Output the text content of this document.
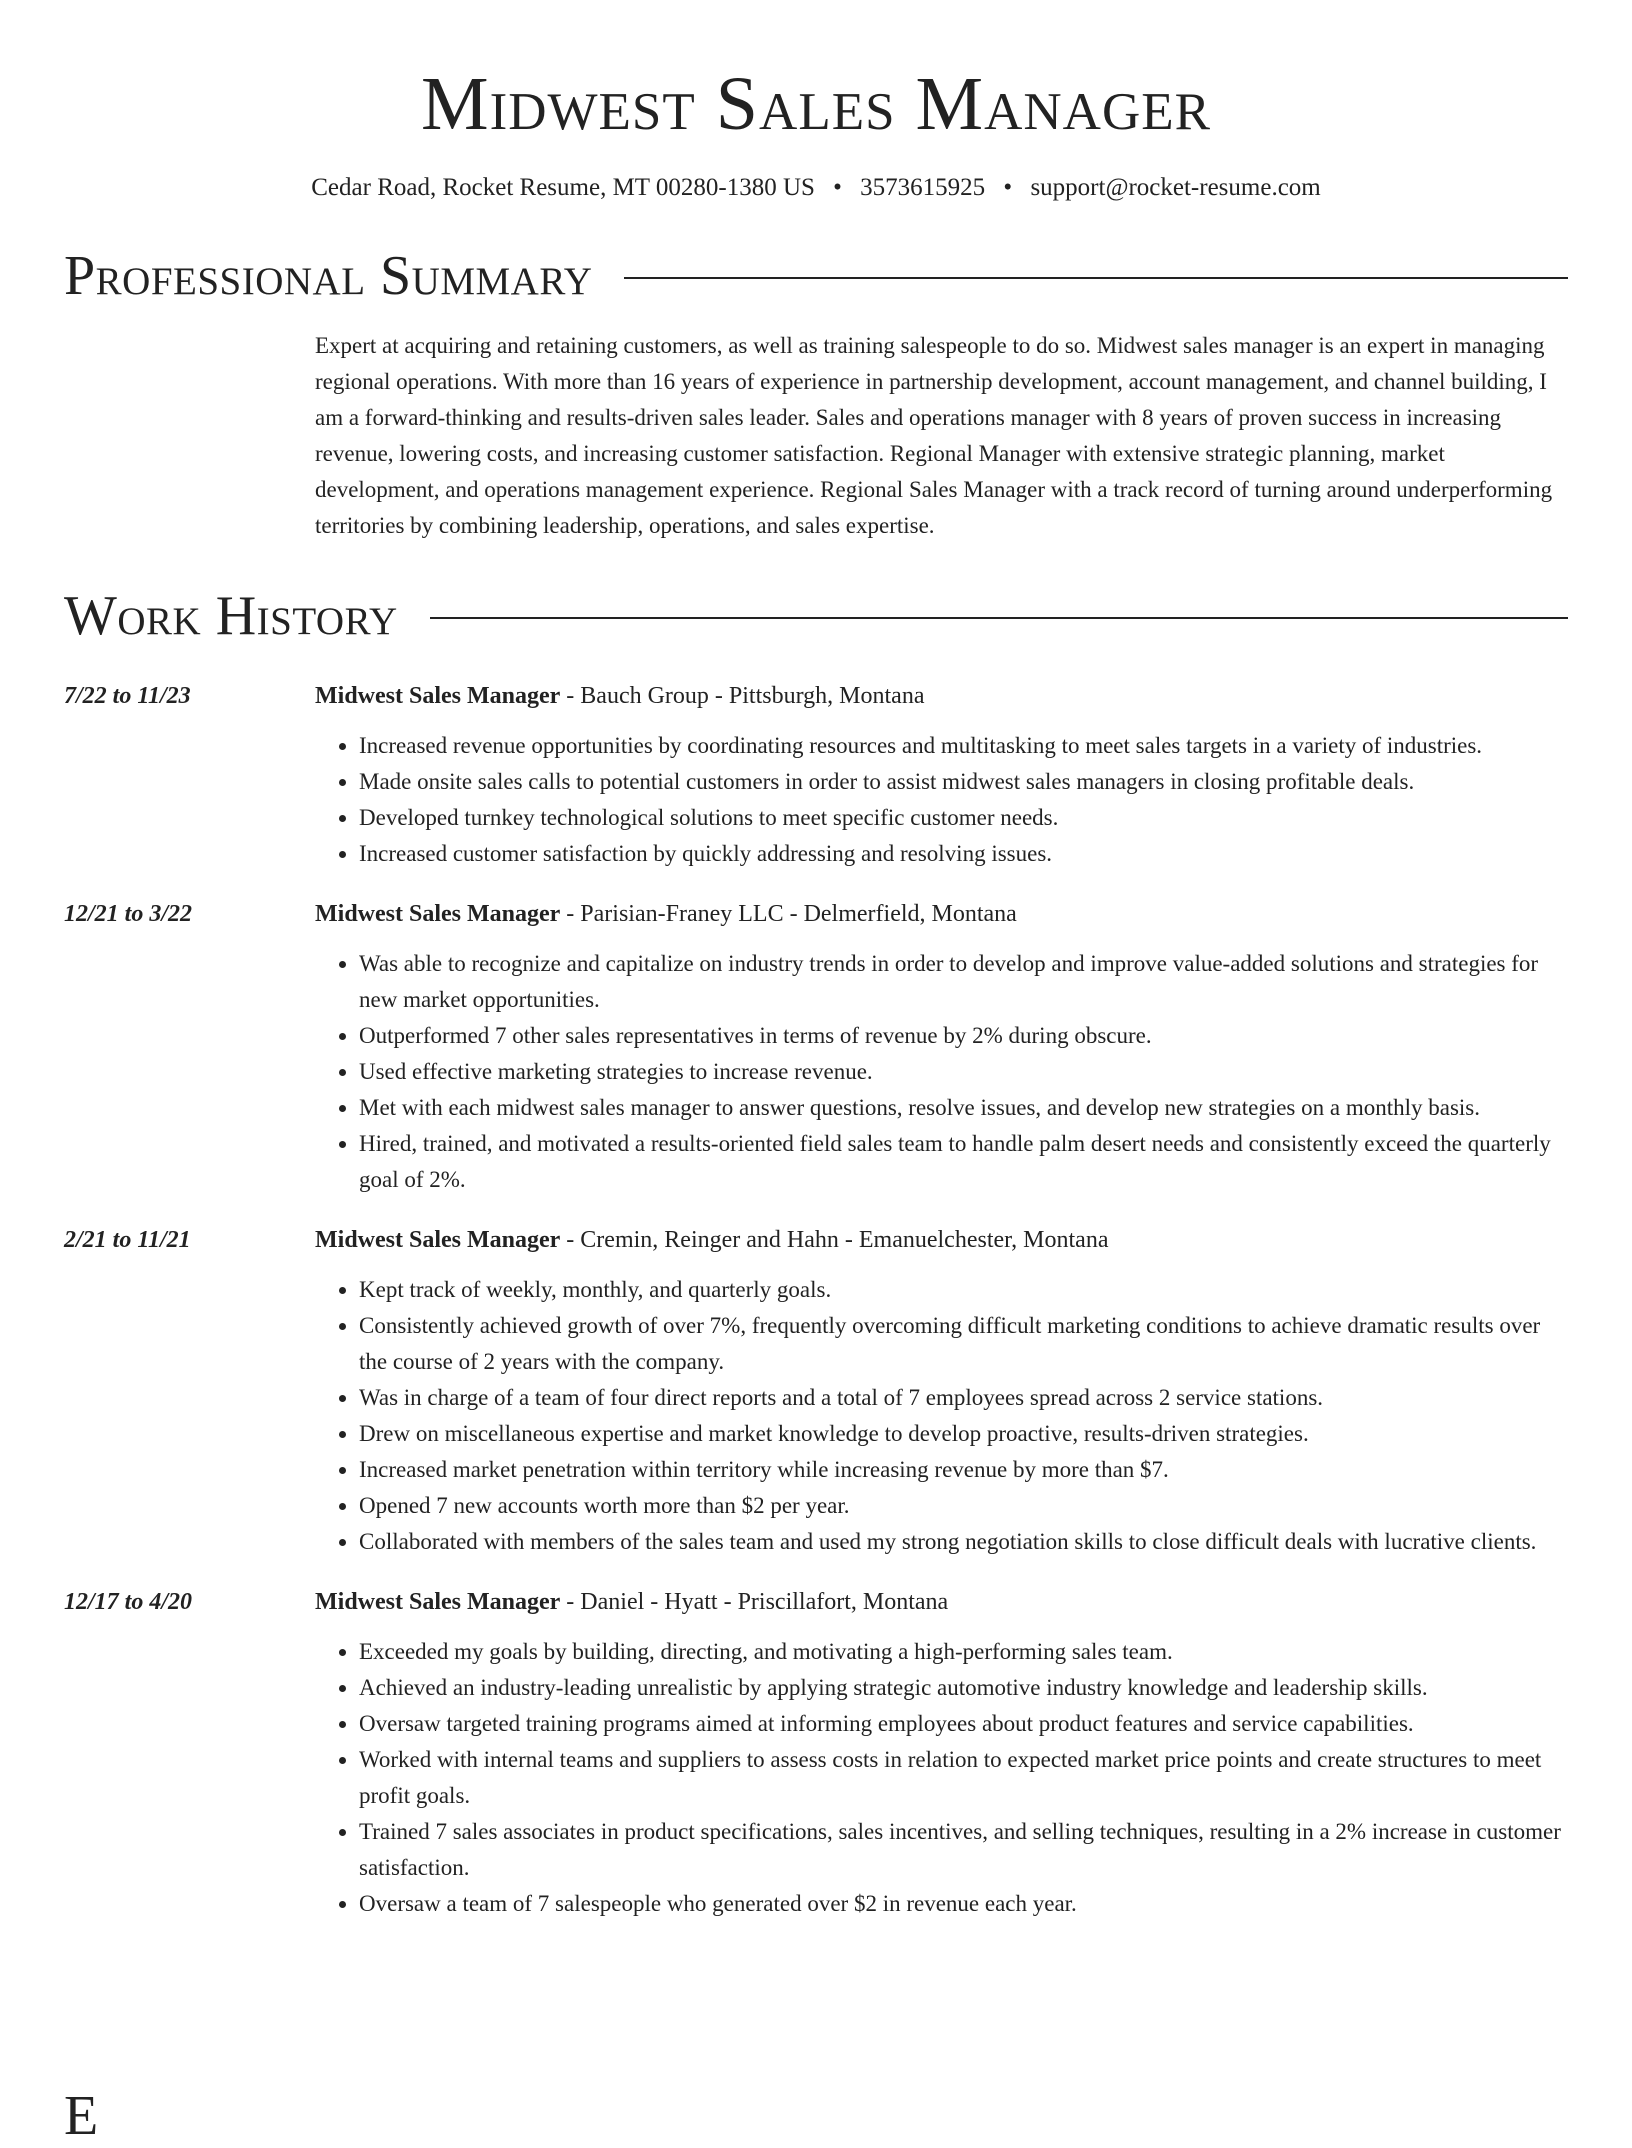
Midwest Sales Manager
Cedar Road, Rocket Resume, MT 00280-1380 US • 3573615925 • support@rocket-resume.com
Professional Summary
Expert at acquiring and retaining customers, as well as training salespeople to do so. Midwest sales manager is an expert in managing regional operations. With more than 16 years of experience in partnership development, account management, and channel building, I am a forward-thinking and results-driven sales leader. Sales and operations manager with 8 years of proven success in increasing revenue, lowering costs, and increasing customer satisfaction. Regional Manager with extensive strategic planning, market development, and operations management experience. Regional Sales Manager with a track record of turning around underperforming territories by combining leadership, operations, and sales expertise.
Work History
7/22 to 11/23	Midwest Sales Manager - Bauch Group - Pittsburgh, Montana
• Increased revenue opportunities by coordinating resources and multitasking to meet sales targets in a variety of industries.
• Made onsite sales calls to potential customers in order to assist midwest sales managers in closing profitable deals.
• Developed turnkey technological solutions to meet specific customer needs.
• Increased customer satisfaction by quickly addressing and resolving issues.
12/21 to 3/22	Midwest Sales Manager - Parisian-Franey LLC - Delmerfield, Montana
• Was able to recognize and capitalize on industry trends in order to develop and improve value-added solutions and strategies for new market opportunities.
• Outperformed 7 other sales representatives in terms of revenue by 2% during obscure.
• Used effective marketing strategies to increase revenue.
• Met with each midwest sales manager to answer questions, resolve issues, and develop new strategies on a monthly basis.
• Hired, trained, and motivated a results-oriented field sales team to handle palm desert needs and consistently exceed the quarterly goal of 2%.
2/21 to 11/21	Midwest Sales Manager - Cremin, Reinger and Hahn - Emanuelchester, Montana
• Kept track of weekly, monthly, and quarterly goals.
• Consistently achieved growth of over 7%, frequently overcoming difficult marketing conditions to achieve dramatic results over the course of 2 years with the company.
• Was in charge of a team of four direct reports and a total of 7 employees spread across 2 service stations.
• Drew on miscellaneous expertise and market knowledge to develop proactive, results-driven strategies.
• Increased market penetration within territory while increasing revenue by more than $7.
• Opened 7 new accounts worth more than $2 per year.
• Collaborated with members of the sales team and used my strong negotiation skills to close difficult deals with lucrative clients.
12/17 to 4/20	Midwest Sales Manager - Daniel - Hyatt - Priscillafort, Montana
• Exceeded my goals by building, directing, and motivating a high-performing sales team.
• Achieved an industry-leading unrealistic by applying strategic automotive industry knowledge and leadership skills.
• Oversaw targeted training programs aimed at informing employees about product features and service capabilities.
• Worked with internal teams and suppliers to assess costs in relation to expected market price points and create structures to meet profit goals.
• Trained 7 sales associates in product specifications, sales incentives, and selling techniques, resulting in a 2% increase in customer satisfaction.
• Oversaw a team of 7 salespeople who generated over $2 in revenue each year.
E
